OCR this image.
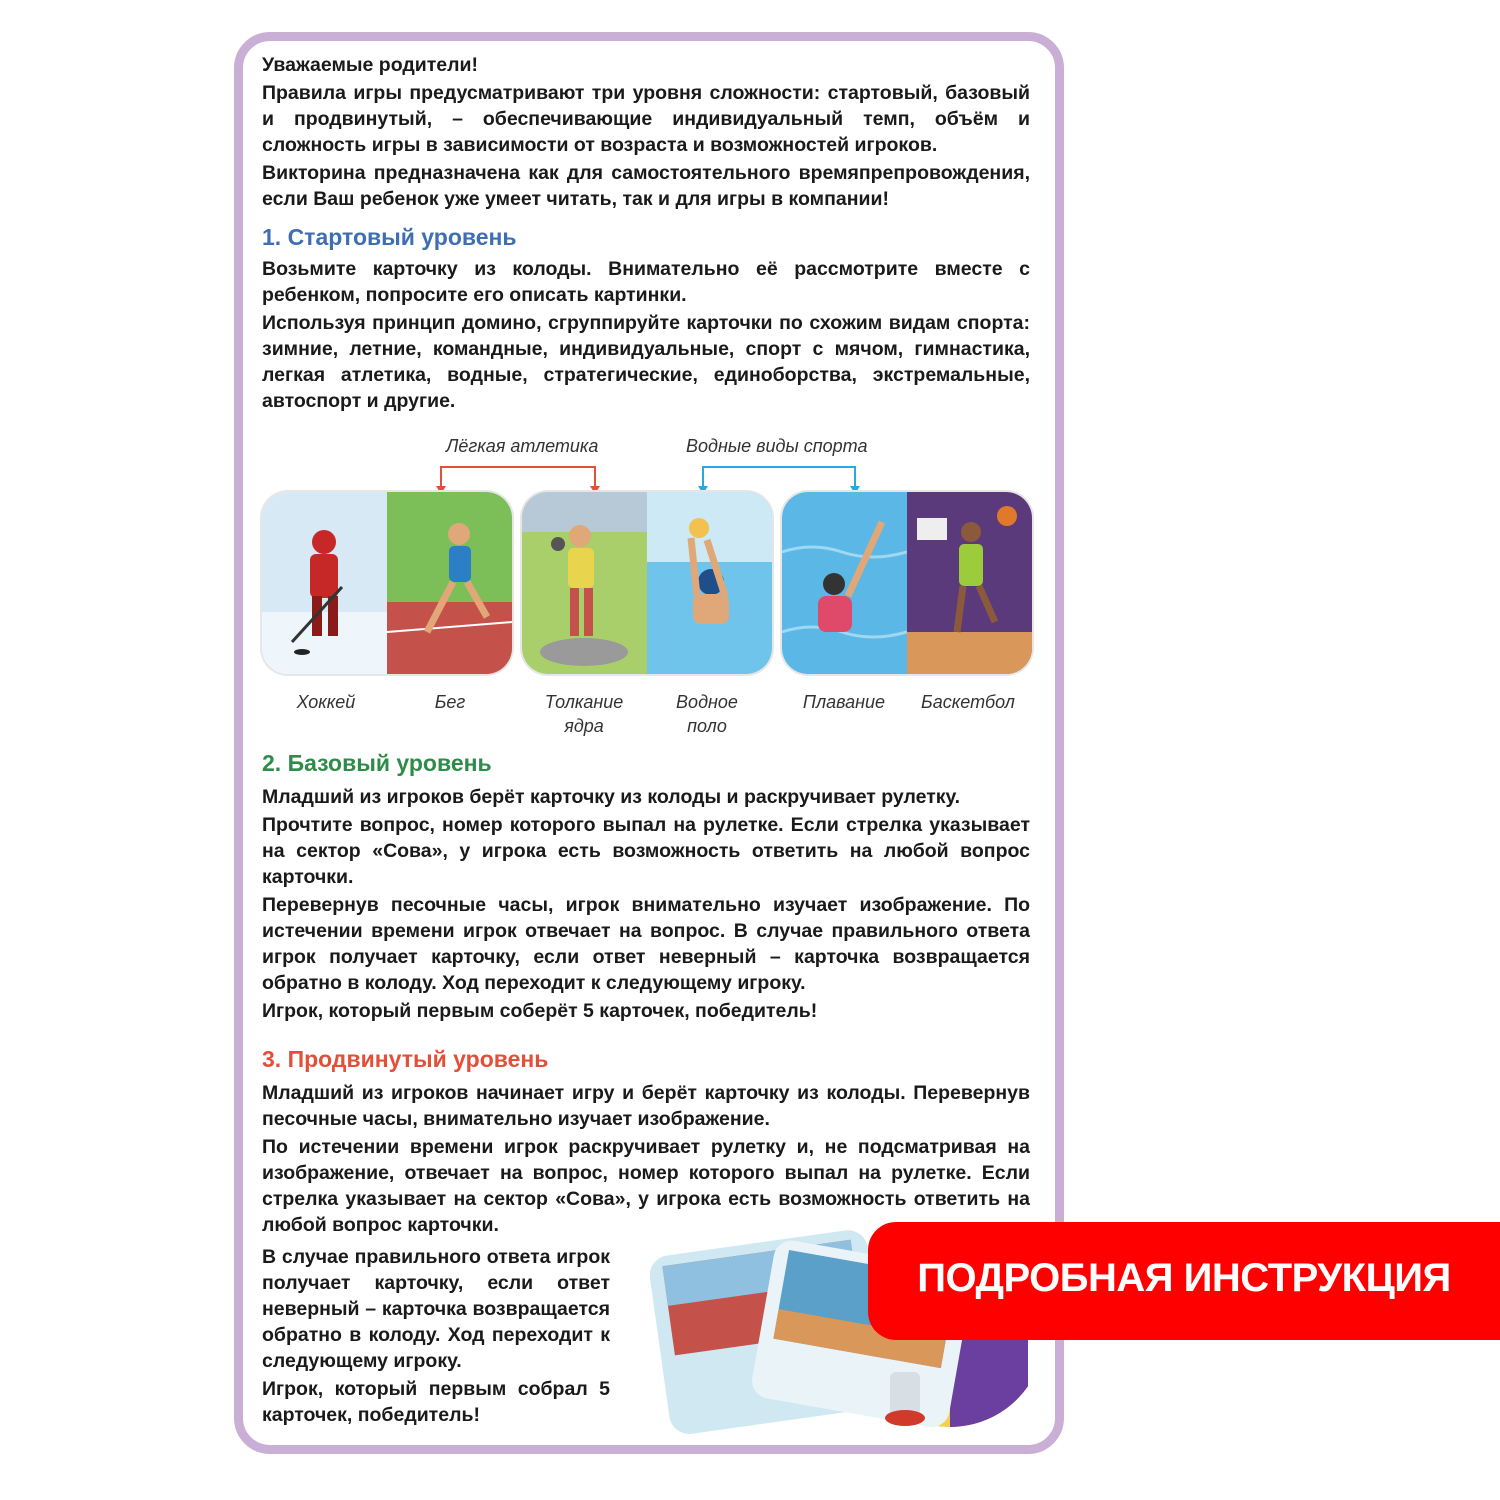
Уважаемые родители!

Правила игры предусматривают три уровня сложности: стартовый, базовый и продвинутый, – обеспечивающие индивидуальный темп, объём и сложность игры в зависимости от возраста и возможностей игроков.

Викторина предназначена как для самостоятельного времяпрепровождения, если Ваш ребенок уже умеет читать, так и для игры в компании!

1. Стартовый уровень

Возьмите карточку из колоды. Внимательно её рассмотрите вместе с ребенком, попросите его описать картинки.

Используя принцип домино, сгруппируйте карточки по схожим видам спорта: зимние, летние, командные, индивидуальные, спорт с мячом, гимнастика, легкая атлетика, водные, стратегические, единоборства, экстремальные, автоспорт и другие.

Лёгкая атлетика	Водные виды спорта
Хоккей	Бег	Толкание ядра
Водное поло
Плавание	Баскетбол
2. Базовый уровень

Младший из игроков берёт карточку из колоды и раскручивает рулетку.

Прочтите вопрос, номер которого выпал на рулетке. Если стрелка указывает на сектор «Сова», у игрока есть возможность ответить на любой вопрос карточки.

Перевернув песочные часы, игрок внимательно изучает изображение. По истечении времени игрок отвечает на вопрос. В случае правильного ответа игрок получает карточку, если ответ неверный – карточка возвращается обратно в колоду. Ход переходит к следующему игроку.

Игрок, который первым соберёт 5 карточек, победитель!

3. Продвинутый уровень

Младший из игроков начинает игру и берёт карточку из колоды. Перевернув песочные часы, внимательно изучает изображение.

По истечении времени игрок раскручивает рулетку и, не подсматривая на изображение, отвечает на вопрос, номер которого выпал на рулетке. Если стрелка указывает на сектор «Сова», у игрока есть возможность ответить на любой вопрос карточки.

В случае правильного ответа игрок получает карточку, если ответ неверный – карточка возвращается обратно в колоду. Ход переходит к следующему игроку.

Игрок, который первым собрал 5 карточек, победитель!

ПОДРОБНАЯ ИНСТРУКЦИЯ
